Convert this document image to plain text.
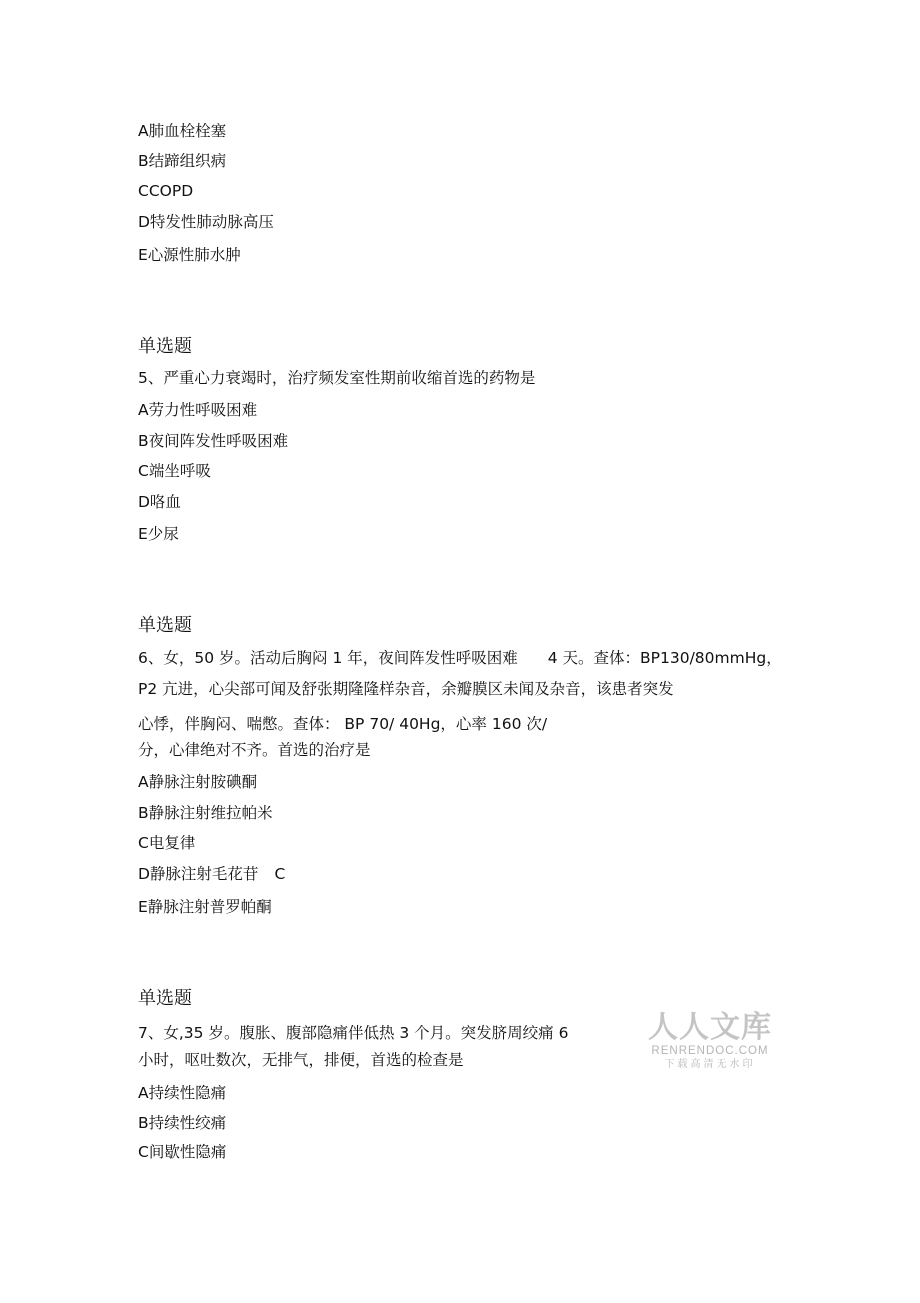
A肺血栓栓塞
B结蹄组织病
CCOPD
D特发性肺动脉高压
E心源性肺水肿
单选题
5、严重心力衰竭时，治疗频发室性期前收缩首选的药物是
A劳力性呼吸困难
B夜间阵发性呼吸困难
C端坐呼吸
D咯血
E少尿
单选题
6、女，50 岁。活动后胸闷 1 年，夜间阵发性呼吸困难 4 天。查体：BP130/80mmHg，
P2 亢进，心尖部可闻及舒张期隆隆样杂音，余瓣膜区未闻及杂音，该患者突发
心悸，伴胸闷、喘憋。查体： BP 70/ 40Hg，心率 160 次/
分，心律绝对不齐。首选的治疗是
A静脉注射胺碘酮
B静脉注射维拉帕米
C电复律
D静脉注射毛花苷 C
E静脉注射普罗帕酮
单选题
7、女,35 岁。腹胀、腹部隐痛伴低热 3 个月。突发脐周绞痛 6
小时，呕吐数次，无排气，排便，首选的检查是
A持续性隐痛
B持续性绞痛
C间歇性隐痛
人人文库
RENRENDOC.COM
下载高清无水印
